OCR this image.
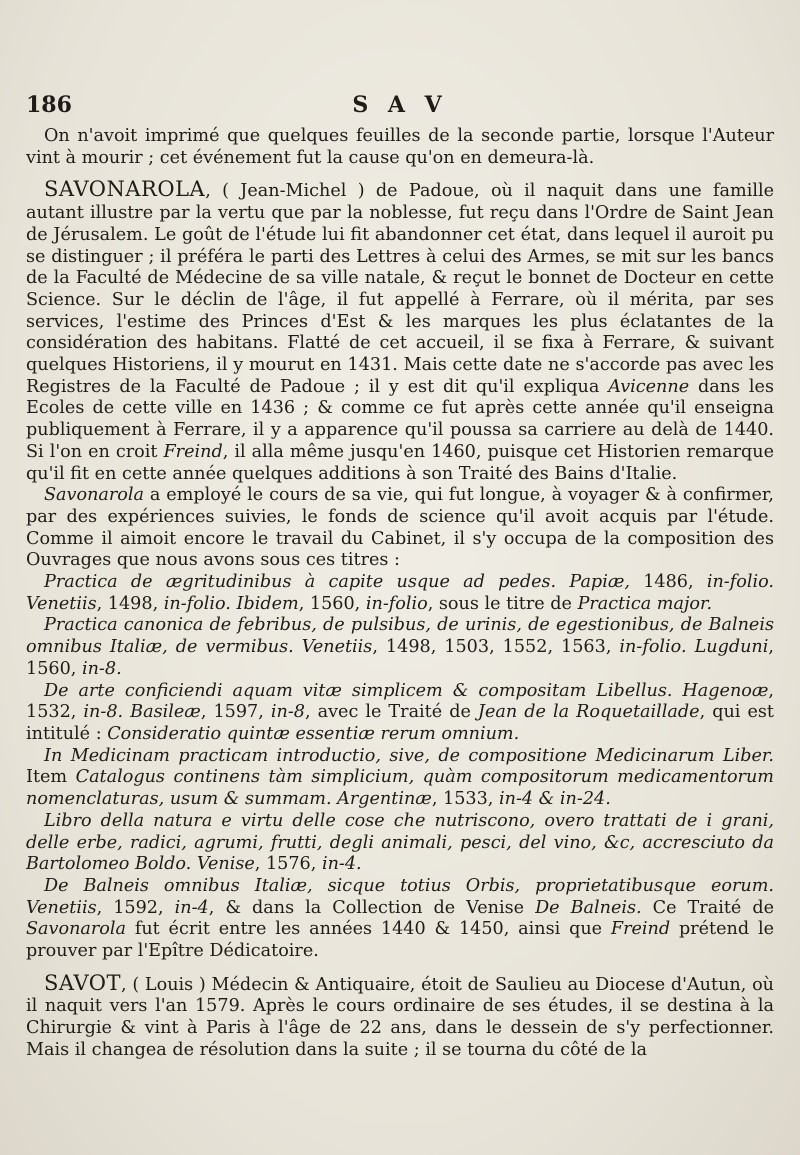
186	S A V

On n'avoit imprimé que quelques feuilles de la seconde partie, lorsque l'Auteur vint à mourir ; cet événement fut la cause qu'on en demeura-là.

SAVONAROLA, ( Jean-Michel ) de Padoue, où il naquit dans une famille autant illustre par la vertu que par la noblesse, fut reçu dans l'Ordre de Saint Jean de Jérusalem. Le goût de l'étude lui fit abandonner cet état, dans lequel il auroit pu se distinguer ; il préféra le parti des Lettres à celui des Armes, se mit sur les bancs de la Faculté de Médecine de sa ville natale, & reçut le bonnet de Docteur en cette Science. Sur le déclin de l'âge, il fut appellé à Ferrare, où il mérita, par ses services, l'estime des Princes d'Est & les marques les plus éclatantes de la considération des habitans. Flatté de cet accueil, il se fixa à Ferrare, & suivant quelques Historiens, il y mourut en 1431. Mais cette date ne s'accorde pas avec les Registres de la Faculté de Padoue ; il y est dit qu'il expliqua Avicenne dans les Ecoles de cette ville en 1436 ; & comme ce fut après cette année qu'il enseigna publiquement à Ferrare, il y a apparence qu'il poussa sa carriere au delà de 1440. Si l'on en croit Freind, il alla même jusqu'en 1460, puisque cet Historien remarque qu'il fit en cette année quelques additions à son Traité des Bains d'Italie.

Savonarola a employé le cours de sa vie, qui fut longue, à voyager & à confirmer, par des expériences suivies, le fonds de science qu'il avoit acquis par l'étude. Comme il aimoit encore le travail du Cabinet, il s'y occupa de la composition des Ouvrages que nous avons sous ces titres :

Practica de ægritudinibus à capite usque ad pedes. Papiæ, 1486, in-folio. Venetiis, 1498, in-folio. Ibidem, 1560, in-folio, sous le titre de Practica major.

Practica canonica de febribus, de pulsibus, de urinis, de egestionibus, de Balneis omnibus Italiæ, de vermibus. Venetiis, 1498, 1503, 1552, 1563, in-folio. Lugduni, 1560, in-8.

De arte conficiendi aquam vitæ simplicem & compositam Libellus. Hagenoæ, 1532, in-8. Basileæ, 1597, in-8, avec le Traité de Jean de la Roquetaillade, qui est intitulé : Consideratio quintæ essentiæ rerum omnium.

In Medicinam practicam introductio, sive, de compositione Medicinarum Liber. Item Catalogus continens tàm simplicium, quàm compositorum medicamentorum nomenclaturas, usum & summam. Argentinæ, 1533, in-4 & in-24.

Libro della natura e virtu delle cose che nutriscono, overo trattati de i grani, delle erbe, radici, agrumi, frutti, degli animali, pesci, del vino, &c, accresciuto da Bartolomeo Boldo. Venise, 1576, in-4.

De Balneis omnibus Italiæ, sicque totius Orbis, proprietatibusque eorum. Venetiis, 1592, in-4, & dans la Collection de Venise De Balneis. Ce Traité de Savonarola fut écrit entre les années 1440 & 1450, ainsi que Freind prétend le prouver par l'Epître Dédicatoire.

SAVOT, ( Louis ) Médecin & Antiquaire, étoit de Saulieu au Diocese d'Autun, où il naquit vers l'an 1579. Après le cours ordinaire de ses études, il se destina à la Chirurgie & vint à Paris à l'âge de 22 ans, dans le dessein de s'y perfectionner. Mais il changea de résolution dans la suite ; il se tourna du côté de la
